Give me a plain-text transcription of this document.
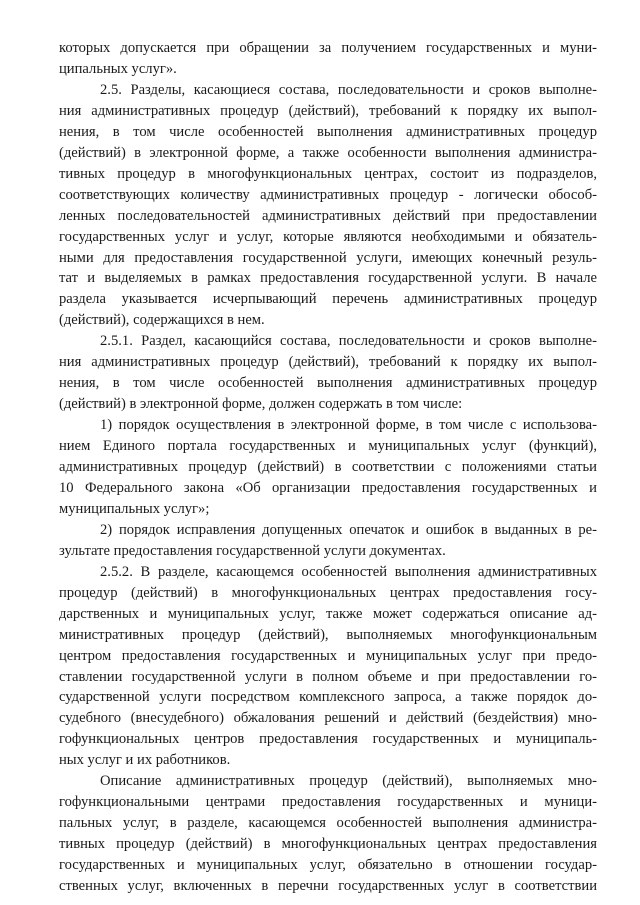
которых допускается при обращении за получением государственных и муни-
ципальных услуг».
2.5. Разделы, касающиеся состава, последовательности и сроков выполне-
ния административных процедур (действий), требований к порядку их выпол-
нения, в том числе особенностей выполнения административных процедур
(действий) в электронной форме, а также особенности выполнения администра-
тивных процедур в многофункциональных центрах, состоит из подразделов,
соответствующих количеству административных процедур - логически обособ-
ленных последовательностей административных действий при предоставлении
государственных услуг и услуг, которые являются необходимыми и обязатель-
ными для предоставления государственной услуги, имеющих конечный резуль-
тат и выделяемых в рамках предоставления государственной услуги. В начале
раздела указывается исчерпывающий перечень административных процедур
(действий), содержащихся в нем.
2.5.1. Раздел, касающийся состава, последовательности и сроков выполне-
ния административных процедур (действий), требований к порядку их выпол-
нения, в том числе особенностей выполнения административных процедур
(действий) в электронной форме, должен содержать в том числе:
1) порядок осуществления в электронной форме, в том числе с использова-
нием Единого портала государственных и муниципальных услуг (функций),
административных процедур (действий) в соответствии с положениями статьи
10 Федерального закона «Об организации предоставления государственных и
муниципальных услуг»;
2) порядок исправления допущенных опечаток и ошибок в выданных в ре-
зультате предоставления государственной услуги документах.
2.5.2. В разделе, касающемся особенностей выполнения административных
процедур (действий) в многофункциональных центрах предоставления госу-
дарственных и муниципальных услуг, также может содержаться описание ад-
министративных процедур (действий), выполняемых многофункциональным
центром предоставления государственных и муниципальных услуг при предо-
ставлении государственной услуги в полном объеме и при предоставлении го-
сударственной услуги посредством комплексного запроса, а также порядок до-
судебного (внесудебного) обжалования решений и действий (бездействия) мно-
гофункциональных центров предоставления государственных и муниципаль-
ных услуг и их работников.
Описание административных процедур (действий), выполняемых мно-
гофункциональными центрами предоставления государственных и муници-
пальных услуг, в разделе, касающемся особенностей выполнения администра-
тивных процедур (действий) в многофункциональных центрах предоставления
государственных и муниципальных услуг, обязательно в отношении государ-
ственных услуг, включенных в перечни государственных услуг в соответствии
